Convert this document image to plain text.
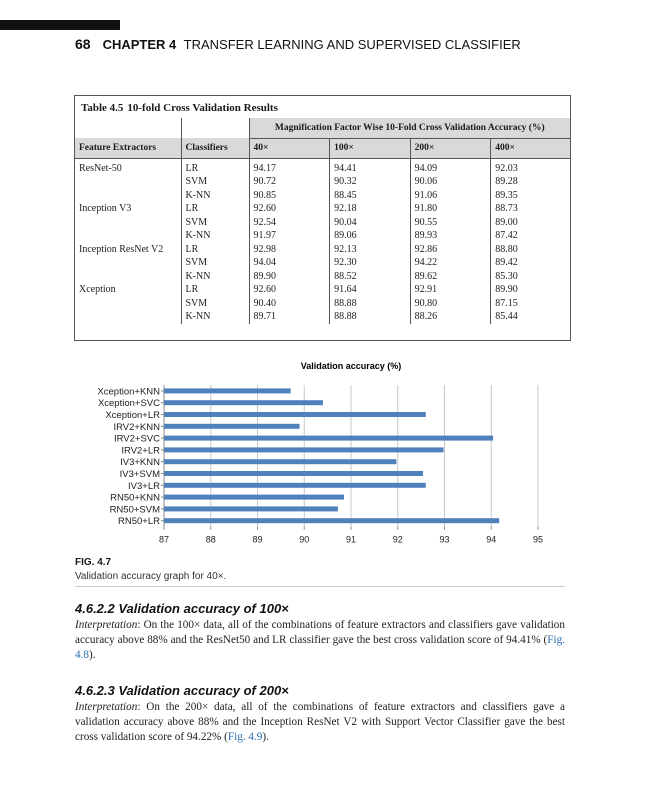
68 CHAPTER 4 TRANSFER LEARNING AND SUPERVISED CLASSIFIER
Table 4.5 10-fold Cross Validation Results
		Magnification Factor Wise 10-Fold Cross Validation Accuracy (%)			
Feature Extractors	Classifiers	40×	100×	200×	400×
ResNet-50	LR	94.17	94.41	94.09	92.03
	SVM	90.72	90.32	90.06	89.28
	K-NN	90.85	88.45	91.06	89.35
Inception V3	LR	92.60	92.18	91.80	88.73
	SVM	92.54	90.04	90.55	89.00
	K-NN	91.97	89.06	89.93	87.42
Inception ResNet V2	LR	92.98	92.13	92.86	88.80
	SVM	94.04	92.30	94.22	89.42
	K-NN	89.90	88.52	89.62	85.30
Xception	LR	92.60	91.64	92.91	89.90
	SVM	90.40	88.88	90.80	87.15
	K-NN	89.71	88.88	88.26	85.44
Validation accuracy (%)
87	88	89	90	91	92	93	94	95
Xception+KNN
Xception+SVC
Xception+LR
IRV2+KNN
IRV2+SVC
IRV2+LR
IV3+KNN
IV3+SVM
IV3+LR
RN50+KNN
RN50+SVM
RN50+LR
FIG. 4.7
Validation accuracy graph for 40×.
4.6.2.2 Validation accuracy of 100×
Interpretation: On the 100× data, all of the combinations of feature extractors and classifiers gave validation accuracy above 88% and the ResNet50 and LR classifier gave the best cross validation score of 94.41% (Fig. 4.8).
4.6.2.3 Validation accuracy of 200×
Interpretation: On the 200× data, all of the combinations of feature extractors and classifiers gave a validation accuracy above 88% and the Inception ResNet V2 with Support Vector Classifier gave the best cross validation score of 94.22% (Fig. 4.9).
